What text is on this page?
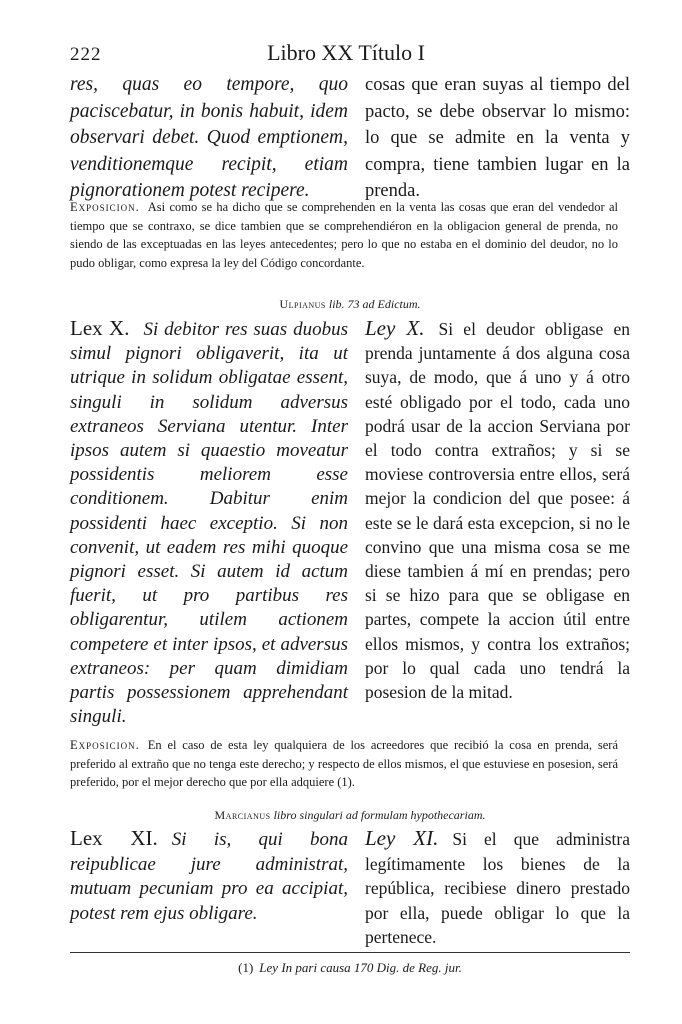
222	Libro XX Título I

res, quas eo tempore, quo paciscebatur, in bonis habuit, idem observari debet. Quod emptionem, venditionemque recipit, etiam pignorationem potest recipere.

cosas que eran suyas al tiempo del pacto, se debe observar lo mismo: lo que se admite en la venta y compra, tiene tambien lugar en la prenda.

Exposicion. Asi como se ha dicho que se comprehenden en la venta las cosas que eran del vendedor al tiempo que se contraxo, se dice tambien que se comprehendiéron en la obligacion general de prenda, no siendo de las exceptuadas en las leyes antecedentes; pero lo que no estaba en el dominio del deudor, no lo pudo obligar, como expresa la ley del Código concordante.

Ulpianus lib. 73 ad Edictum.

Lex X. Si debitor res suas duobus simul pignori obligaverit, ita ut utrique in solidum obligatae essent, singuli in solidum adversus extraneos Serviana utentur. Inter ipsos autem si quaestio moveatur possidentis meliorem esse conditionem. Dabitur enim possidenti haec exceptio. Si non convenit, ut eadem res mihi quoque pignori esset. Si autem id actum fuerit, ut pro partibus res obligarentur, utilem actionem competere et inter ipsos, et adversus extraneos: per quam dimidiam partis possessionem apprehendant singuli.

Ley X. Si el deudor obligase en prenda juntamente á dos alguna cosa suya, de modo, que á uno y á otro esté obligado por el todo, cada uno podrá usar de la accion Serviana por el todo contra extraños; y si se moviese controversia entre ellos, será mejor la condicion del que posee: á este se le dará esta excepcion, si no le convino que una misma cosa se me diese tambien á mí en prendas; pero si se hizo para que se obligase en partes, compete la accion útil entre ellos mismos, y contra los extraños; por lo qual cada uno tendrá la posesion de la mitad.

Exposicion. En el caso de esta ley qualquiera de los acreedores que recibió la cosa en prenda, será preferido al extraño que no tenga este derecho; y respecto de ellos mismos, el que estuviese en posesion, será preferido, por el mejor derecho que por ella adquiere (1).

Marcianus libro singulari ad formulam hypothecariam.

Lex XI. Si is, qui bona reipublicae jure administrat, mutuam pecuniam pro ea accipiat, potest rem ejus obligare.

Ley XI. Si el que administra legítimamente los bienes de la república, recibiese dinero prestado por ella, puede obligar lo que la pertenece.

(1) Ley In pari causa 170 Dig. de Reg. jur.
